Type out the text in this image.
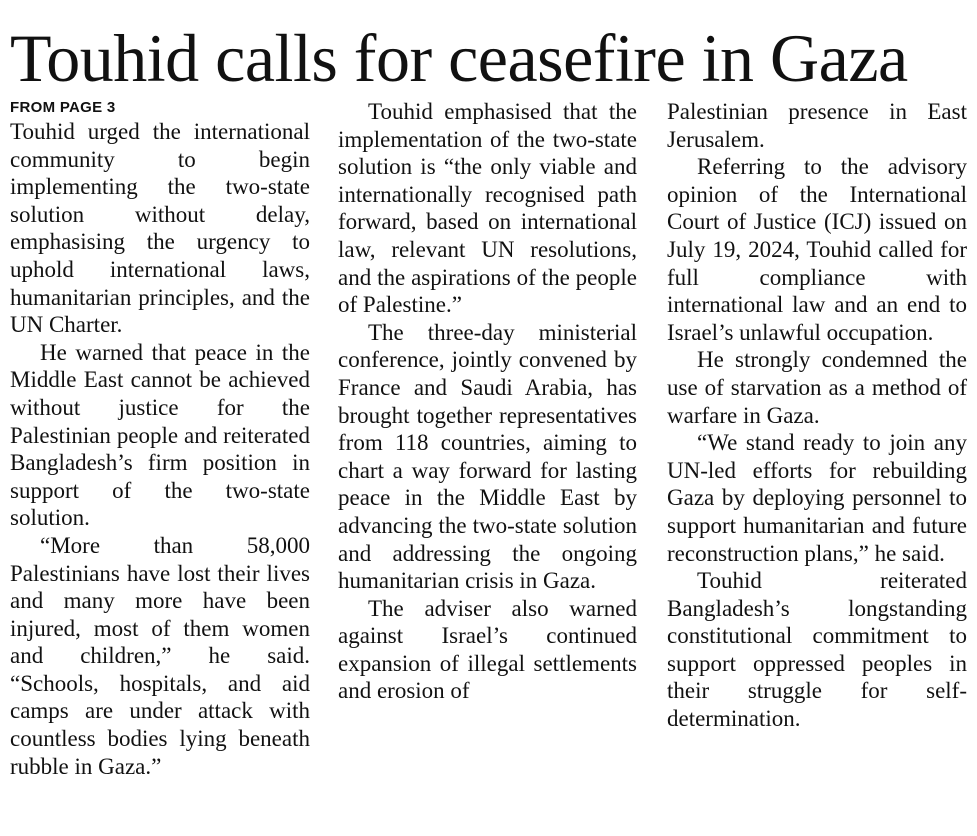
Touhid calls for ceasefire in Gaza
FROM PAGE 3

Touhid urged the international community to begin implementing the two-state solution without delay, emphasising the urgency to uphold international laws, humanitarian principles, and the UN Charter.

He warned that peace in the Middle East cannot be achieved without justice for the Palestinian people and reiterated Bangladesh’s firm position in support of the two-state solution.

“More than 58,000 Palestinians have lost their lives and many more have been injured, most of them women and children,” he said. “Schools, hospitals, and aid camps are under attack with countless bodies lying beneath rubble in Gaza.”

Touhid emphasised that the implementation of the two-state solution is “the only viable and internationally recognised path forward, based on international law, relevant UN resolutions, and the aspirations of the people of Palestine.”

The three-day ministerial conference, jointly convened by France and Saudi Arabia, has brought together representatives from 118 countries, aiming to chart a way forward for lasting peace in the Middle East by advancing the two-state solution and addressing the ongoing humanitarian crisis in Gaza.

The adviser also warned against Israel’s continued expansion of illegal settlements and erosion of

Palestinian presence in East Jerusalem.

Referring to the advisory opinion of the International Court of Justice (ICJ) issued on July 19, 2024, Touhid called for full compliance with international law and an end to Israel’s unlawful occupation.

He strongly condemned the use of starvation as a method of warfare in Gaza.

“We stand ready to join any UN-led efforts for rebuilding Gaza by deploying personnel to support humanitarian and future reconstruction plans,” he said.

Touhid reiterated Bangladesh’s longstanding constitutional commitment to support oppressed peoples in their struggle for self-determination.
